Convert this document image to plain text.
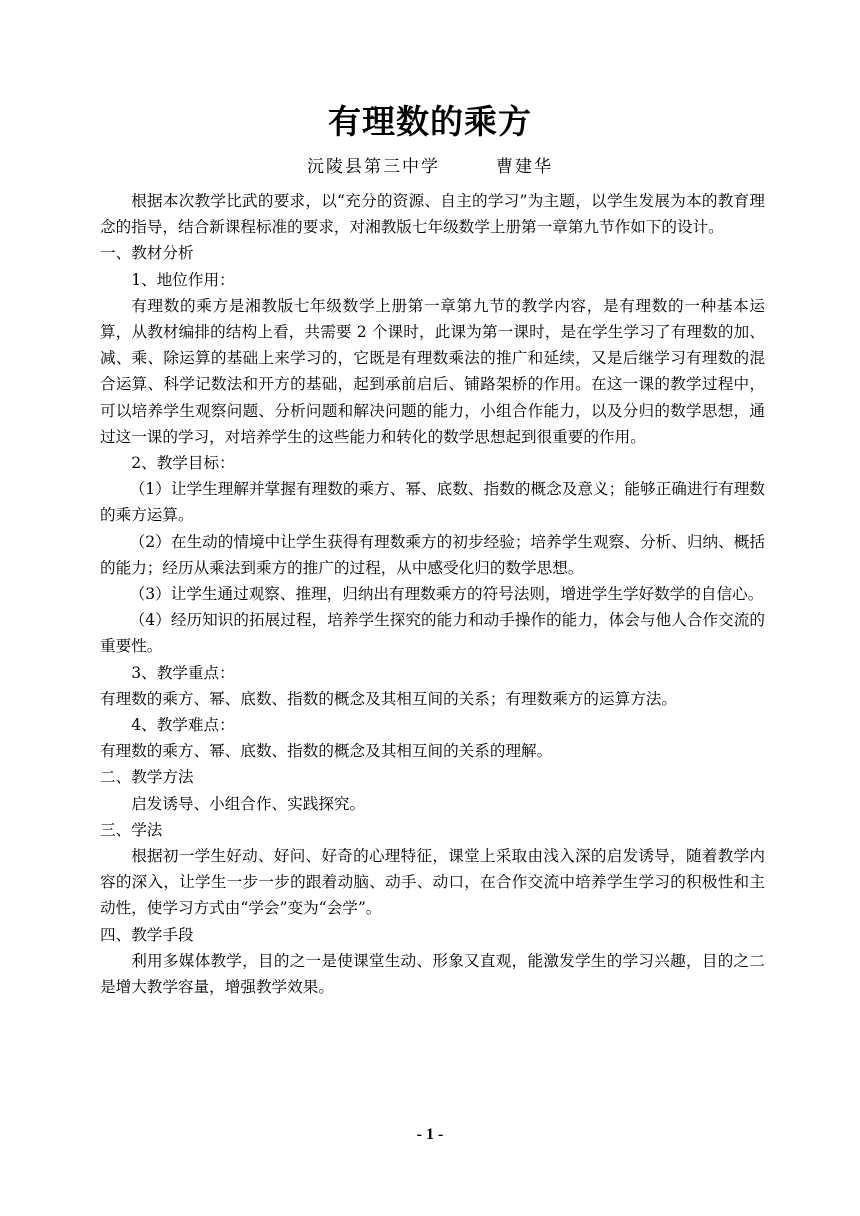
有理数的乘方
沅陵县第三中学	曹建华

根据本次教学比武的要求，以“充分的资源、自主的学习”为主题，以学生发展为本的教育理念的指导，结合新课程标准的要求，对湘教版七年级数学上册第一章第九节作如下的设计。

一、教材分析

1、地位作用：

有理数的乘方是湘教版七年级数学上册第一章第九节的教学内容，是有理数的一种基本运算，从教材编排的结构上看，共需要 2 个课时，此课为第一课时，是在学生学习了有理数的加、减、乘、除运算的基础上来学习的，它既是有理数乘法的推广和延续，又是后继学习有理数的混合运算、科学记数法和开方的基础，起到承前启后、铺路架桥的作用。在这一课的教学过程中，可以培养学生观察问题、分析问题和解决问题的能力，小组合作能力，以及分归的数学思想，通过这一课的学习，对培养学生的这些能力和转化的数学思想起到很重要的作用。

2、教学目标：

（1）让学生理解并掌握有理数的乘方、幂、底数、指数的概念及意义；能够正确进行有理数的乘方运算。

（2）在生动的情境中让学生获得有理数乘方的初步经验；培养学生观察、分析、归纳、概括的能力；经历从乘法到乘方的推广的过程，从中感受化归的数学思想。

（3）让学生通过观察、推理，归纳出有理数乘方的符号法则，增进学生学好数学的自信心。

（4）经历知识的拓展过程，培养学生探究的能力和动手操作的能力，体会与他人合作交流的重要性。

3、教学重点：

有理数的乘方、幂、底数、指数的概念及其相互间的关系；有理数乘方的运算方法。

4、教学难点：

有理数的乘方、幂、底数、指数的概念及其相互间的关系的理解。

二、教学方法

启发诱导、小组合作、实践探究。

三、学法

根据初一学生好动、好问、好奇的心理特征，课堂上采取由浅入深的启发诱导，随着教学内容的深入，让学生一步一步的跟着动脑、动手、动口，在合作交流中培养学生学习的积极性和主动性，使学习方式由“学会”变为“会学”。

四、教学手段

利用多媒体教学，目的之一是使课堂生动、形象又直观，能激发学生的学习兴趣，目的之二是增大教学容量，增强教学效果。

- 1 -
